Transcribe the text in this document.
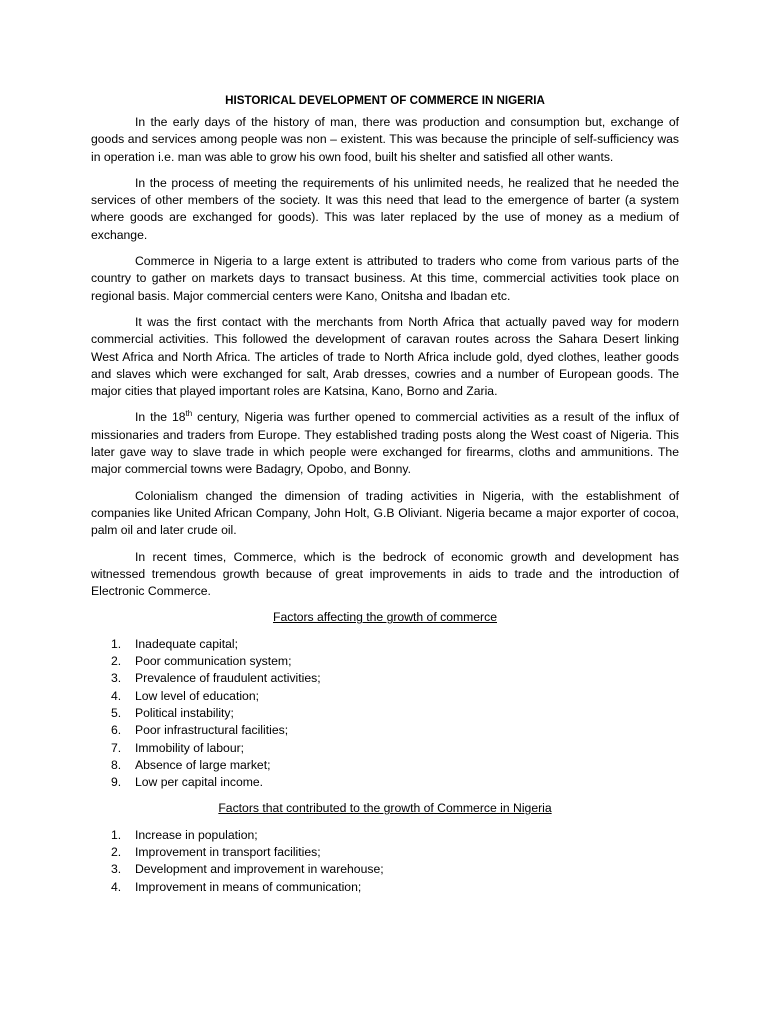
HISTORICAL DEVELOPMENT OF COMMERCE IN NIGERIA

In the early days of the history of man, there was production and consumption but, exchange of goods and services among people was non – existent. This was because the principle of self-sufficiency was in operation i.e. man was able to grow his own food, built his shelter and satisfied all other wants.

In the process of meeting the requirements of his unlimited needs, he realized that he needed the services of other members of the society. It was this need that lead to the emergence of barter (a system where goods are exchanged for goods). This was later replaced by the use of money as a medium of exchange.

Commerce in Nigeria to a large extent is attributed to traders who come from various parts of the country to gather on markets days to transact business. At this time, commercial activities took place on regional basis. Major commercial centers were Kano, Onitsha and Ibadan etc.

It was the first contact with the merchants from North Africa that actually paved way for modern commercial activities. This followed the development of caravan routes across the Sahara Desert linking West Africa and North Africa. The articles of trade to North Africa include gold, dyed clothes, leather goods and slaves which were exchanged for salt, Arab dresses, cowries and a number of European goods. The major cities that played important roles are Katsina, Kano, Borno and Zaria.

In the 18th century, Nigeria was further opened to commercial activities as a result of the influx of missionaries and traders from Europe. They established trading posts along the West coast of Nigeria. This later gave way to slave trade in which people were exchanged for firearms, cloths and ammunitions. The major commercial towns were Badagry, Opobo, and Bonny.

Colonialism changed the dimension of trading activities in Nigeria, with the establishment of companies like United African Company, John Holt, G.B Oliviant. Nigeria became a major exporter of cocoa, palm oil and later crude oil.

In recent times, Commerce, which is the bedrock of economic growth and development has witnessed tremendous growth because of great improvements in aids to trade and the introduction of Electronic Commerce.

Factors affecting the growth of commerce
1. Inadequate capital;
2. Poor communication system;
3. Prevalence of fraudulent activities;
4. Low level of education;
5. Political instability;
6. Poor infrastructural facilities;
7. Immobility of labour;
8. Absence of large market;
9. Low per capital income.
Factors that contributed to the growth of Commerce in Nigeria
1. Increase in population;
2. Improvement in transport facilities;
3. Development and improvement in warehouse;
4. Improvement in means of communication;
